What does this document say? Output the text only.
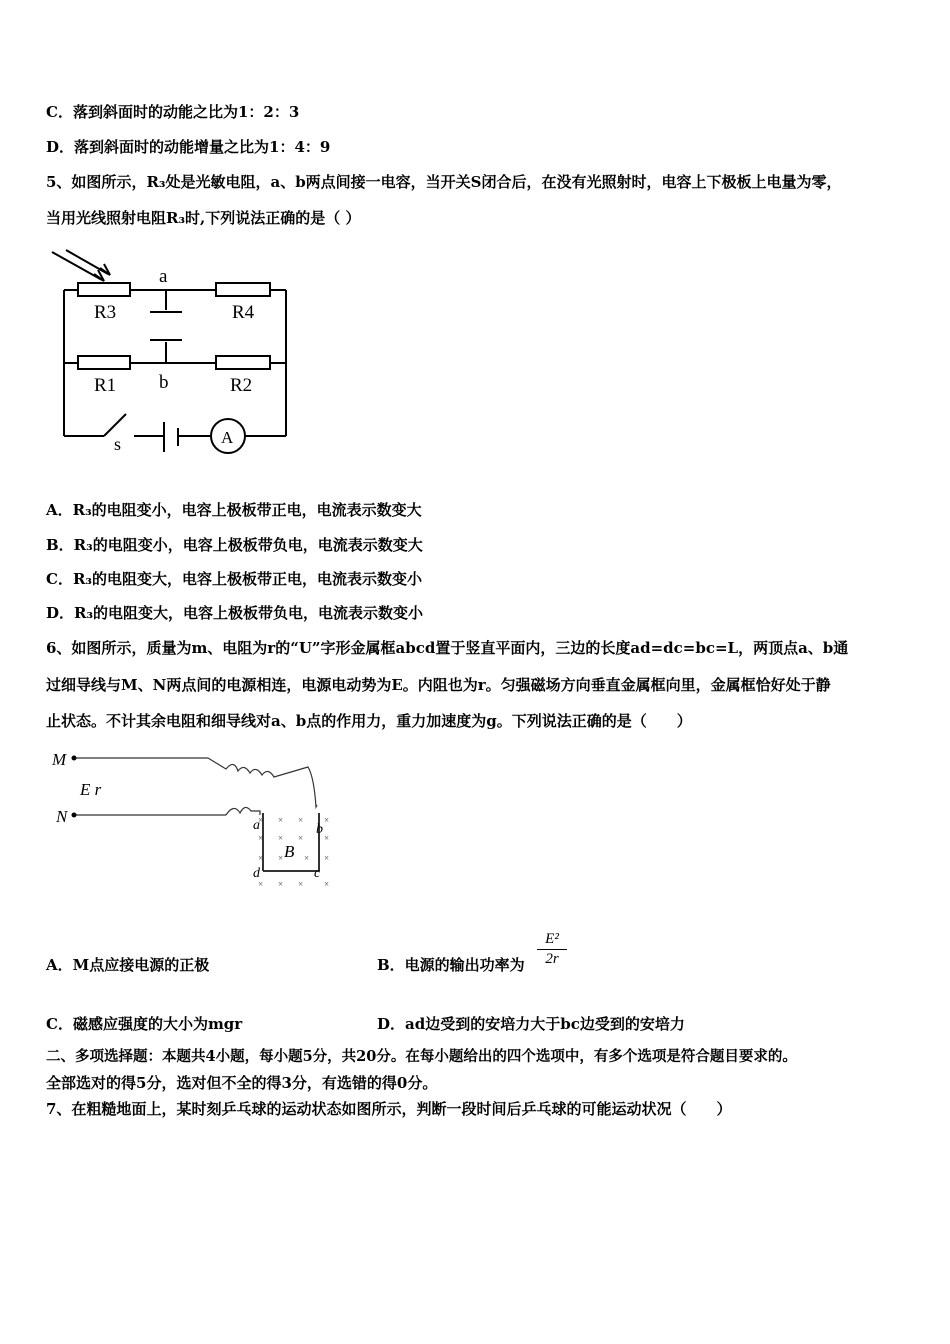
C．落到斜面时的动能之比为1：2：3
D．落到斜面时的动能增量之比为1：4：9
5、如图所示，R₃处是光敏电阻，a、b两点间接一电容，当开关S闭合后，在没有光照射时，电容上下极板上电量为零，
当用光线照射电阻R₃时,下列说法正确的是（ ）
a
b
R3	R4
R1	R2
s	A
A．R₃的电阻变小，电容上极板带正电，电流表示数变大
B．R₃的电阻变小，电容上极板带负电，电流表示数变大
C．R₃的电阻变大，电容上极板带正电，电流表示数变小
D．R₃的电阻变大，电容上极板带负电，电流表示数变小
6、如图所示，质量为m、电阻为r的“U”字形金属框abcd置于竖直平面内，三边的长度ad=dc=bc=L，两顶点a、b通
过细导线与M、N两点间的电源相连，电源电动势为E。内阻也为r。匀强磁场方向垂直金属框向里，金属框恰好处于静
止状态。不计其余电阻和细导线对a、b点的作用力，重力加速度为g。下列说法正确的是（　　）
M
N
E r
a	b
d	c
B
× × × ×
× × × ×
× × × ×
× × × ×
A．M点应接电源的正极	B．电源的输出功率为
E²
2r
C．磁感应强度的大小为mgr	D．ad边受到的安培力大于bc边受到的安培力
二、多项选择题：本题共4小题，每小题5分，共20分。在每小题给出的四个选项中，有多个选项是符合题目要求的。
全部选对的得5分，选对但不全的得3分，有选错的得0分。
7、在粗糙地面上，某时刻乒乓球的运动状态如图所示，判断一段时间后乒乓球的可能运动状况（　　）
